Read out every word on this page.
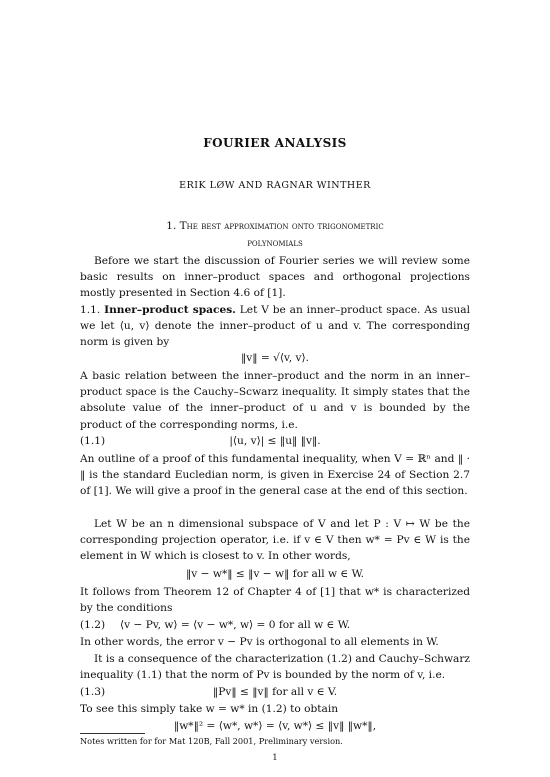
FOURIER ANALYSIS
ERIK LØW AND RAGNAR WINTHER
1. The best approximation onto trigonometric
polynomials
Before we start the discussion of Fourier series we will review some basic results on inner–product spaces and orthogonal projections mostly presented in Section 4.6 of [1].
1.1. Inner–product spaces. Let V be an inner–product space. As usual we let ⟨u, v⟩ denote the inner–product of u and v. The corresponding norm is given by
‖v‖ = √⟨v, v⟩.
A basic relation between the inner–product and the norm in an inner–product space is the Cauchy–Scwarz inequality. It simply states that the absolute value of the inner–product of u and v is bounded by the product of the corresponding norms, i.e.
(1.1)	|⟨u, v⟩| ≤ ‖u‖ ‖v‖.
An outline of a proof of this fundamental inequality, when V = ℝⁿ and ‖ · ‖ is the standard Eucledian norm, is given in Exercise 24 of Section 2.7 of [1]. We will give a proof in the general case at the end of this section.
Let W be an n dimensional subspace of V and let P : V ↦ W be the corresponding projection operator, i.e. if v ∈ V then w* = Pv ∈ W is the element in W which is closest to v. In other words,
‖v − w*‖ ≤ ‖v − w‖ for all w ∈ W.
It follows from Theorem 12 of Chapter 4 of [1] that w* is characterized by the conditions
(1.2) ⟨v − Pv, w⟩ = ⟨v − w*, w⟩ = 0 for all w ∈ W.
In other words, the error v − Pv is orthogonal to all elements in W.
It is a consequence of the characterization (1.2) and Cauchy–Schwarz inequality (1.1) that the norm of Pv is bounded by the norm of v, i.e.
(1.3)	‖Pv‖ ≤ ‖v‖ for all v ∈ V.
To see this simply take w = w* in (1.2) to obtain
‖w*‖² = ⟨w*, w*⟩ = ⟨v, w*⟩ ≤ ‖v‖ ‖w*‖,
Notes written for for Mat 120B, Fall 2001, Preliminary version.
1
